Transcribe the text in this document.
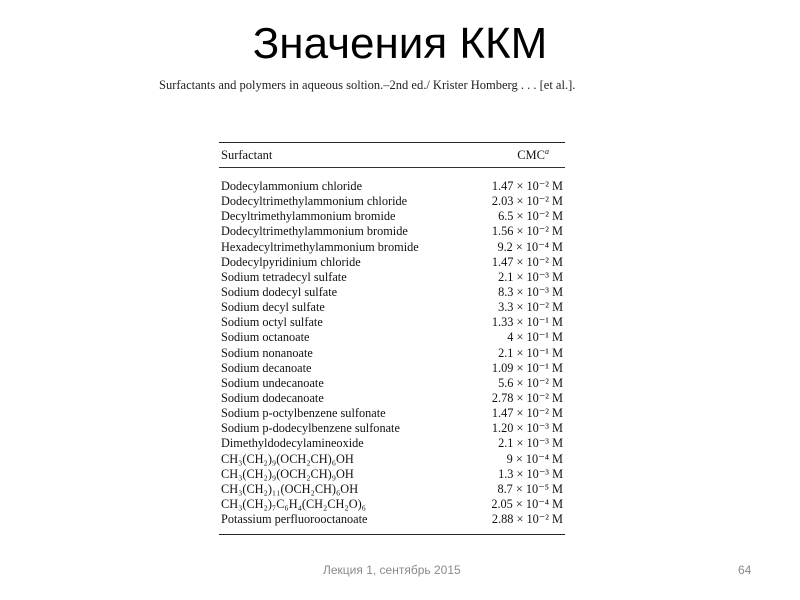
Значения ККМ
Surfactants and polymers in aqueous soltion.–2nd ed./ Krister Homberg . . . [et al.].
Surfactant	CMC$^a$
Dodecylammonium chloride	1.47 × 10⁻² M
Dodecyltrimethylammonium chloride	2.03 × 10⁻² M
Decyltrimethylammonium bromide	6.5 × 10⁻² M
Dodecyltrimethylammonium bromide	1.56 × 10⁻² M
Hexadecyltrimethylammonium bromide	9.2 × 10⁻⁴ M
Dodecylpyridinium chloride	1.47 × 10⁻² M
Sodium tetradecyl sulfate	2.1 × 10⁻³ M
Sodium dodecyl sulfate	8.3 × 10⁻³ M
Sodium decyl sulfate	3.3 × 10⁻² M
Sodium octyl sulfate	1.33 × 10⁻¹ M
Sodium octanoate	4 × 10⁻¹ M
Sodium nonanoate	2.1 × 10⁻¹ M
Sodium decanoate	1.09 × 10⁻¹ M
Sodium undecanoate	5.6 × 10⁻² M
Sodium dodecanoate	2.78 × 10⁻² M
Sodium p-octylbenzene sulfonate	1.47 × 10⁻² M
Sodium p-dodecylbenzene sulfonate	1.20 × 10⁻³ M
Dimethyldodecylamineoxide	2.1 × 10⁻³ M
CH₃(CH₂)₉(OCH₂CH)₆OH	9 × 10⁻⁴ M
CH₃(CH₂)₉(OCH₂CH)₉OH	1.3 × 10⁻³ M
CH₃(CH₂)₁₁(OCH₂CH)₆OH	8.7 × 10⁻⁵ M
CH₃(CH₂)₇C₆H₄(CH₂CH₂O)₆	2.05 × 10⁻⁴ M
Potassium perfluorooctanoate	2.88 × 10⁻² M
Лекция 1, сентябрь 2015	64
